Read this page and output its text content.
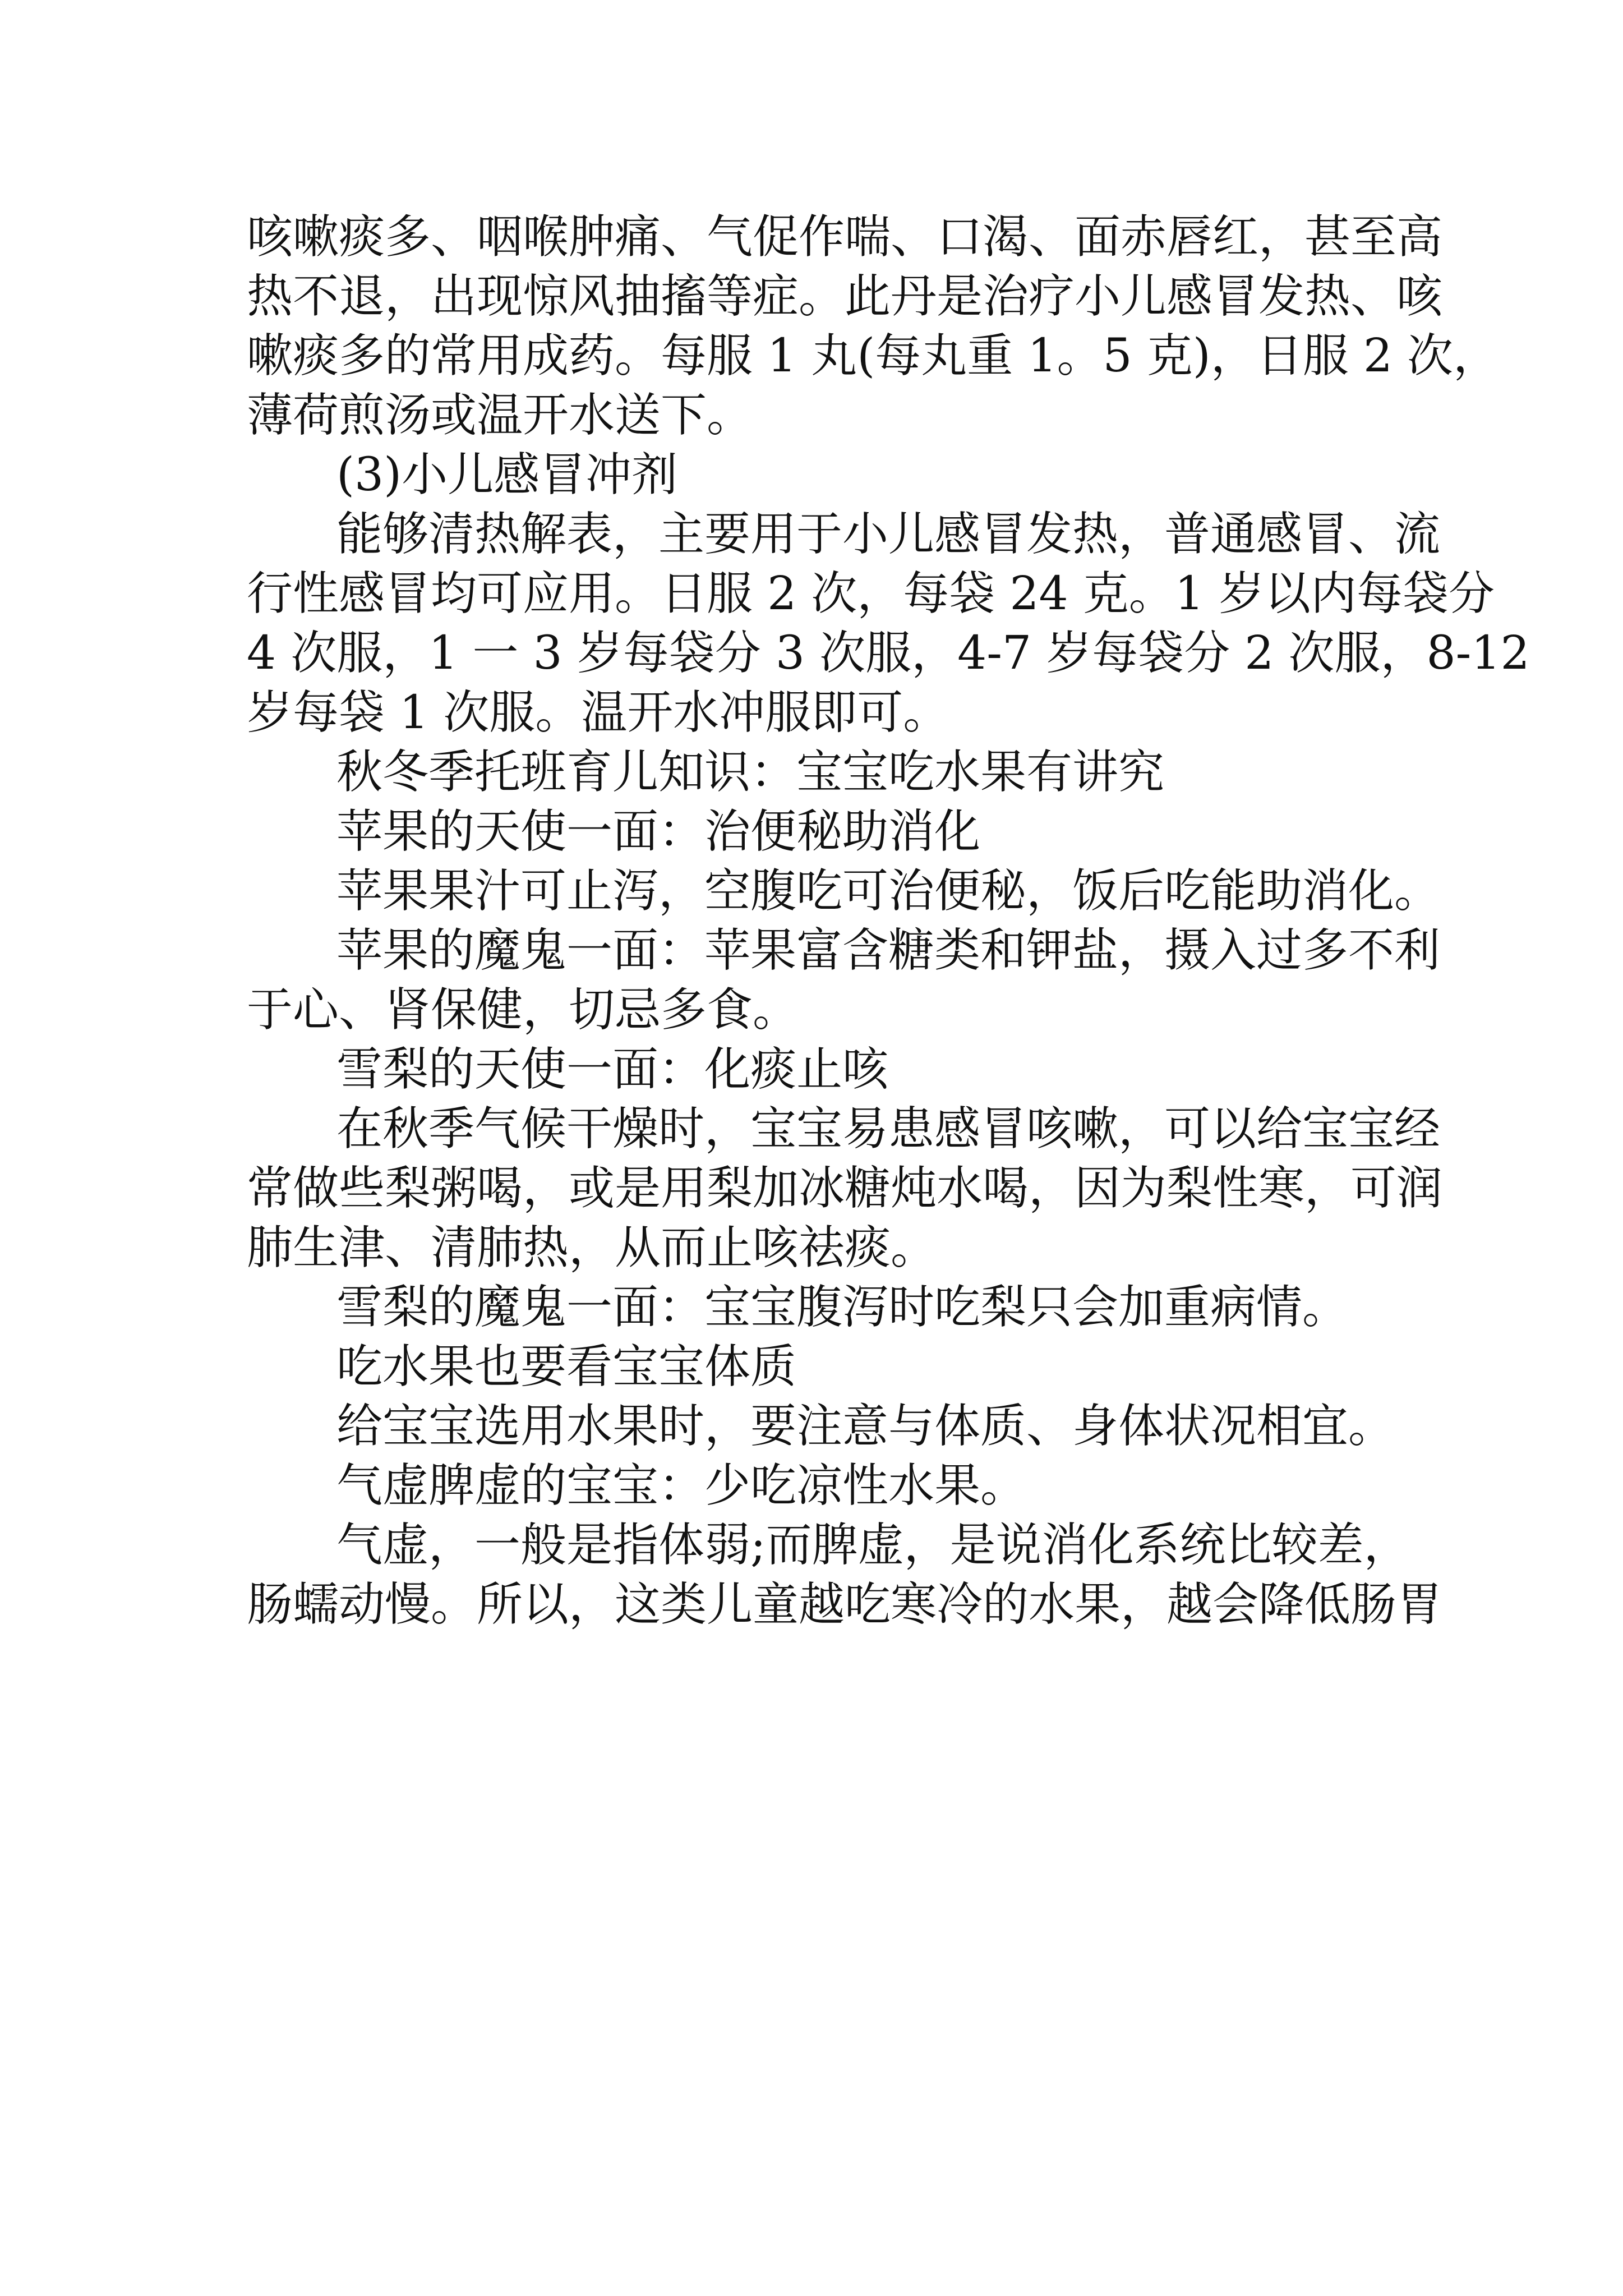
咳嗽痰多、咽喉肿痛、气促作喘、口渴、面赤唇红，甚至高
热不退，出现惊风抽搐等症。此丹是治疗小儿感冒发热、咳
嗽痰多的常用成药。每服 1 丸(每丸重 1。5 克)，日服 2 次，
薄荷煎汤或温开水送下。
(3)小儿感冒冲剂
能够清热解表，主要用于小儿感冒发热，普通感冒、流
行性感冒均可应用。日服 2 次，每袋 24 克。1 岁以内每袋分
4 次服，1 一 3 岁每袋分 3 次服，4-7 岁每袋分 2 次服，8-12
岁每袋 1 次服。温开水冲服即可。
秋冬季托班育儿知识：宝宝吃水果有讲究
苹果的天使一面：治便秘助消化
苹果果汁可止泻，空腹吃可治便秘，饭后吃能助消化。
苹果的魔鬼一面：苹果富含糖类和钾盐，摄入过多不利
于心、肾保健，切忌多食。
雪梨的天使一面：化痰止咳
在秋季气候干燥时，宝宝易患感冒咳嗽，可以给宝宝经
常做些梨粥喝，或是用梨加冰糖炖水喝，因为梨性寒，可润
肺生津、清肺热，从而止咳祛痰。
雪梨的魔鬼一面：宝宝腹泻时吃梨只会加重病情。
吃水果也要看宝宝体质
给宝宝选用水果时，要注意与体质、身体状况相宜。
气虚脾虚的宝宝：少吃凉性水果。
气虚，一般是指体弱;而脾虚，是说消化系统比较差，
肠蠕动慢。所以，这类儿童越吃寒冷的水果，越会降低肠胃
